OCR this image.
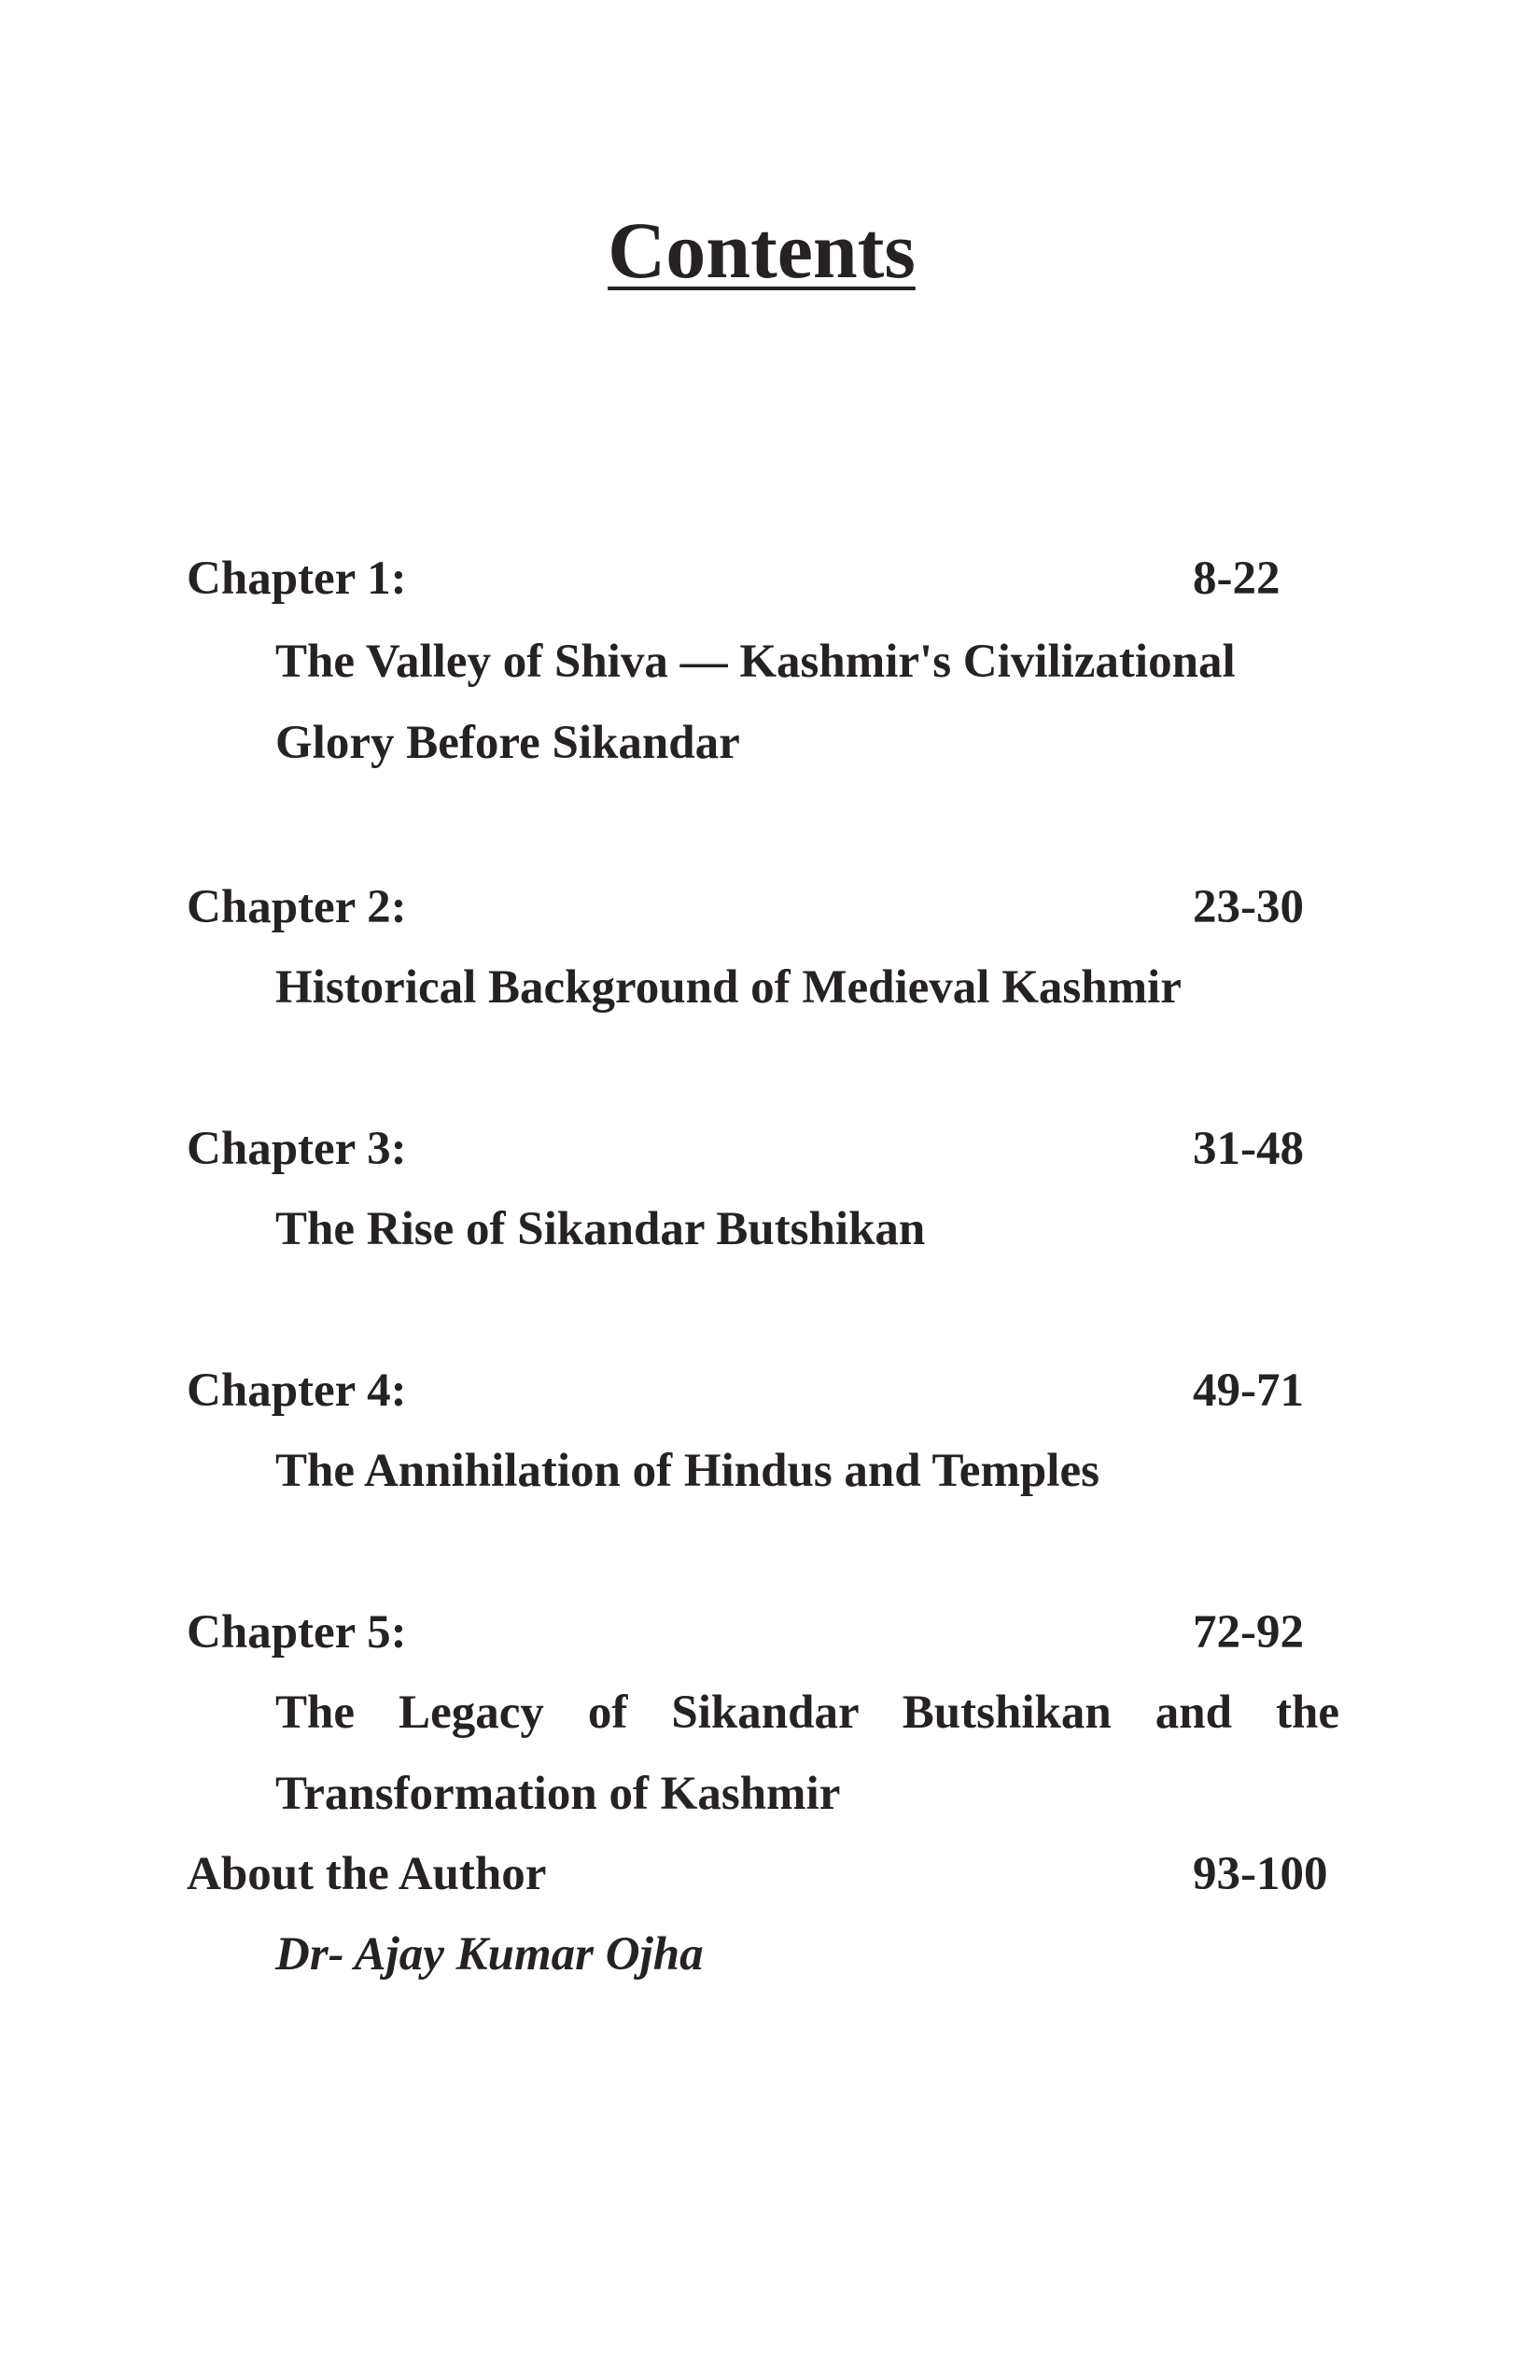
Contents
Chapter 1:	8-22
The Valley of Shiva — Kashmir's Civilizational Glory Before Sikandar
Chapter 2:	23-30
Historical Background of Medieval Kashmir
Chapter 3:	31-48
The Rise of Sikandar Butshikan
Chapter 4:	49-71
The Annihilation of Hindus and Temples
Chapter 5:	72-92
The Legacy of Sikandar Butshikan and the Transformation of Kashmir
About the Author	93-100
Dr- Ajay Kumar Ojha
